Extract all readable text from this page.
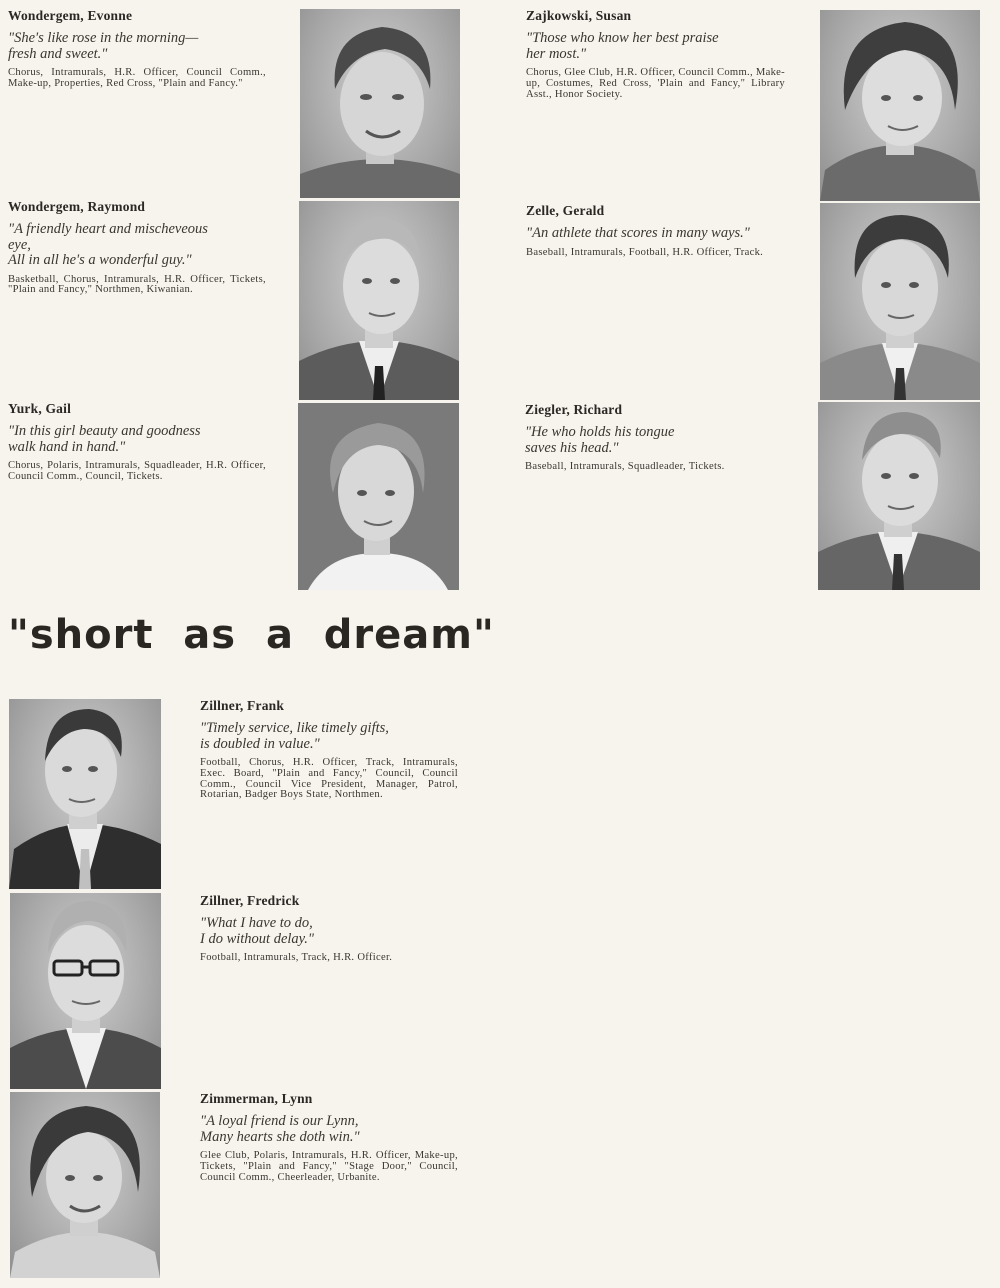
Wondergem, Evonne

"She's like rose in the morning—
fresh and sweet."

Chorus, Intramurals, H.R. Officer, Council Comm., Make-up, Properties, Red Cross, "Plain and Fancy."

Wondergem, Raymond

"A friendly heart and mischeveous
eye,
All in all he's a wonderful guy."

Basketball, Chorus, Intramurals, H.R. Officer, Tickets, "Plain and Fancy," Northmen, Kiwanian.

Yurk, Gail

"In this girl beauty and goodness
walk hand in hand."

Chorus, Polaris, Intramurals, Squadleader, H.R. Officer, Council Comm., Council, Tickets.

Zajkowski, Susan

"Those who know her best praise
her most."

Chorus, Glee Club, H.R. Officer, Council Comm., Make-up, Costumes, Red Cross, 'Plain and Fancy," Library Asst., Honor Society.

Zelle, Gerald

"An athlete that scores in many ways."

Baseball, Intramurals, Football, H.R. Officer, Track.

Ziegler, Richard

"He who holds his tongue
saves his head."

Baseball, Intramurals, Squadleader, Tickets.

"short  as  a  dream"

Zillner, Frank

"Timely service, like timely gifts,
is doubled in value."

Football, Chorus, H.R. Officer, Track, Intramurals, Exec. Board, "Plain and Fancy," Council, Council Comm., Council Vice President, Manager, Patrol, Rotarian, Badger Boys State, Northmen.

Zillner, Fredrick

"What I have to do,
I do without delay."

Football, Intramurals, Track, H.R. Officer.

Zimmerman, Lynn

"A loyal friend is our Lynn,
Many hearts she doth win."

Glee Club, Polaris, Intramurals, H.R. Officer, Make-up, Tickets, "Plain and Fancy," "Stage Door," Council, Council Comm., Cheerleader, Urbanite.
